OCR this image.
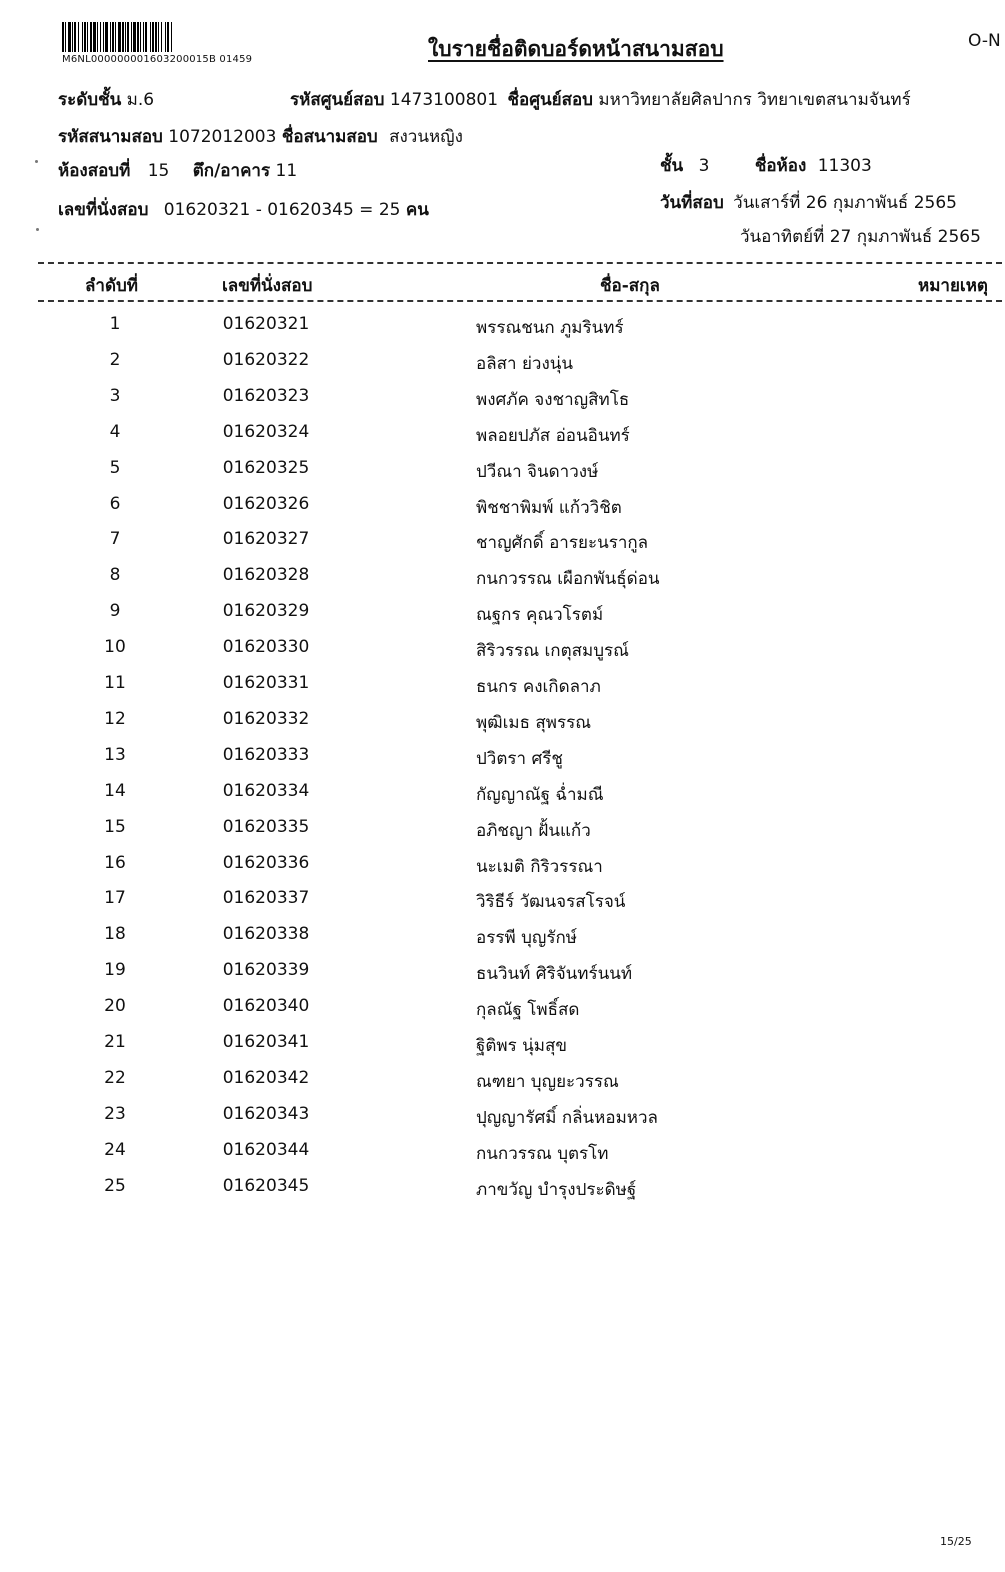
M6NL000000001603200015B 01459	ใบรายชื่อติดบอร์ดหน้าสนามสอบ	O-N
ระดับชั้น ม.6	รหัสศูนย์สอบ 1473100801 ชื่อศูนย์สอบ มหาวิทยาลัยศิลปากร วิทยาเขตสนามจันทร์
รหัสสนามสอบ 1072012003 ชื่อสนามสอบ สงวนหญิง
ห้องสอบที่ 15 ตึก/อาคาร 11	ชั้น 3	ชื่อห้อง 11303
เลขที่นั่งสอบ 01620321 - 01620345 = 25 คน	วันที่สอบ วันเสาร์ที่ 26 กุมภาพันธ์ 2565
วันอาทิตย์ที่ 27 กุมภาพันธ์ 2565
ลำดับที่	เลขที่นั่งสอบ	ชื่อ-สกุล	หมายเหตุ
1	01620321	พรรณชนก ภูมรินทร์
2	01620322	อลิสา ย่วงนุ่น
3	01620323	พงศภัค จงชาญสิทโธ
4	01620324	พลอยปภัส อ่อนอินทร์
5	01620325	ปวีณา จินดาวงษ์
6	01620326	พิชชาพิมพ์ แก้ววิชิต
7	01620327	ชาญศักดิ์ อารยะนรากูล
8	01620328	กนกวรรณ เผือกพันธุ์ด่อน
9	01620329	ณฐกร คุณวโรตม์
10	01620330	สิริวรรณ เกตุสมบูรณ์
11	01620331	ธนกร คงเกิดลาภ
12	01620332	พุฒิเมธ สุพรรณ
13	01620333	ปวิตรา ศรีชู
14	01620334	กัญญาณัฐ ฉ่ำมณี
15	01620335	อภิชญา ฝั้นแก้ว
16	01620336	นะเมติ กิริวรรณา
17	01620337	วิริธีร์ วัฒนจรสโรจน์
18	01620338	อรรพี บุญรักษ์
19	01620339	ธนวินท์ ศิริจันทร์นนท์
20	01620340	กุลณัฐ โพธิ์สด
21	01620341	ฐิติพร นุ่มสุข
22	01620342	ณฑยา บุญยะวรรณ
23	01620343	ปุญญารัศมิ์ กลิ่นหอมหวล
24	01620344	กนกวรรณ บุตรโท
25	01620345	ภาขวัญ บำรุงประดิษฐ์
15/25
